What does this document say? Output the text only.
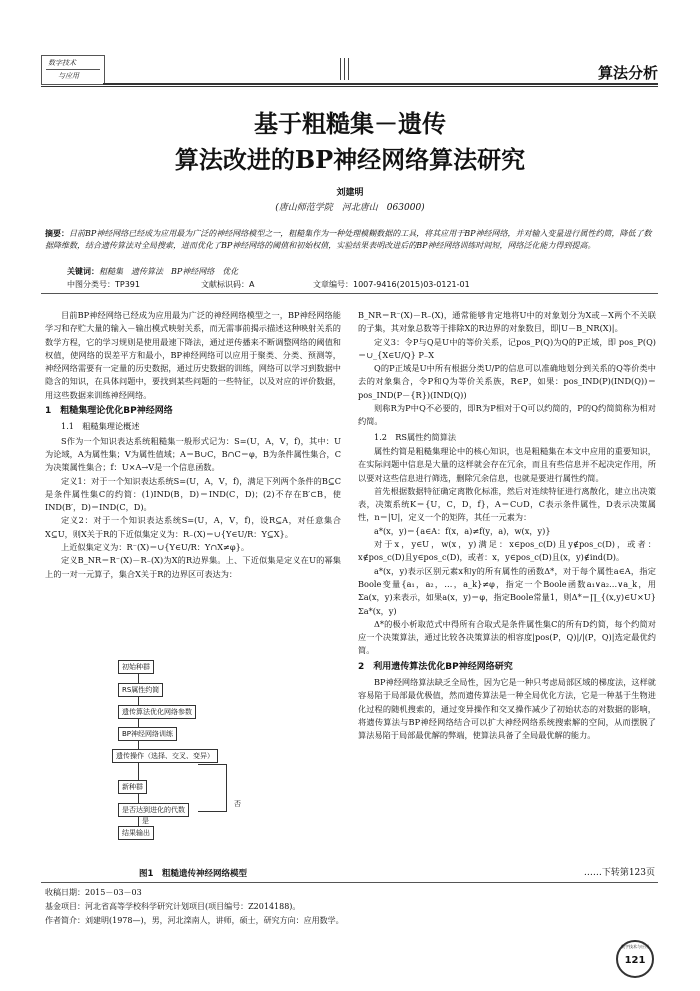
数字技术
与应用	算法分析
基于粗糙集－遗传
算法改进的BP神经网络算法研究
刘建明
(唐山师范学院　河北唐山　063000)
摘要：目前BP神经网络已经成为应用最为广泛的神经网络模型之一，粗糙集作为一种处理模糊数据的工具，将其应用于BP神经网络，并对输入变量进行属性约简，降低了数据降维数，结合遗传算法对全局搜索，进而优化了BP神经网络的阈值和初始权值，实验结果表明改进后的BP神经网络训练时间短，网络泛化能力得到提高。
关键词：粗糙集　遗传算法　BP神经网络　优化
中图分类号：TP391	文献标识码：A	文章编号：1007-9416(2015)03-0121-01

目前BP神经网络已经成为应用最为广泛的神经网络模型之一，BP神经网络能学习和存贮大量的输入－输出模式映射关系，而无需事前揭示描述这种映射关系的数学方程，它的学习规则是使用最速下降法，通过逆传播来不断调整网络的阈值和权值，使网络的误差平方和最小，BP神经网络可以应用于聚类、分类、预测等，神经网络需要有一定量的历史数据，通过历史数据的训练，网络可以学习到数据中隐含的知识，在具体问题中，要找到某些问题的一些特征，以及对应的评价数据，用这些数据来训练神经网络。

1　粗糙集理论优化BP神经网络

1.1　粗糙集理论概述

S作为一个知识表达系统粗糙集一般形式记为：S=(U，A，V，f)，其中：U为论域，A为属性集；V为属性值域；A＝B∪C，B∩C＝φ，B为条件属性集合，C为决策属性集合；f：U×A→V是一个信息函数。

定义1：对于一个知识表达系统S=(U，A，V，f)，满足下列两个条件的B⊆C是条件属性集C的约简：(1)IND(B，D)＝IND(C，D)；(2)不存在B′⊂B，使IND(B′，D)＝IND(C，D)。

定义2：对于一个知识表达系统S=(U，A，V，f)，设R⊆A，对任意集合X⊆U，则X关于R的下近似集定义为：R₋(X)＝∪{Y∈U/R：Y⊆X}。

上近似集定义为：R⁻(X)＝∪{Y∈U/R：Y∩X≠φ}。

定义B_NR＝R⁻(X)－R₋(X)为X的R边界集。上、下近似集是定义在U的幂集上的一对一元算子，集合X关于R的边界区可表达为：

初始种群
RS属性约简
遗传算法优化网络参数
BP神经网络训练
遗传操作（选择、交叉、变异）
新种群
是否达到进化的代数
结果输出
否
是
图1　粗糙遗传神经网络模型

B_NR＝R⁻(X)－R₋(X)，通常能够肯定地将U中的对象划分为X或－X两个不关联的子集，其对象总数等于排除X的R边界的对象数目，即|U－B_NR(X)|。

定义3：令P与Q是U中的等价关系，记pos_P(Q)为Q的P正域，即 pos_P(Q)＝∪_{X∈U/Q} P₋X

Q的P正域是U中所有根据分类U/P的信息可以准确地划分到关系的Q等价类中去的对象集合，令P和Q为等价关系族，R∈P，如果：pos_IND(P)(IND(Q))＝pos_IND(P－{R})(IND(Q))

则称R为P中Q不必要的，即R为P相对于Q可以约简的，P的Q约简简称为相对约简。

1.2　RS属性约简算法

属性约简是粗糙集理论中的核心知识，也是粗糙集在本文中应用的重要知识，在实际问题中信息是大量的这样就会存在冗余，而且有些信息并不起决定作用，所以要对这些信息进行筛选，删除冗余信息，也就是要进行属性约简。

首先根据数据特征确定离散化标准，然后对连续特征进行离散化，建立出决策表，决策系统K＝{U，C，D，f}，A＝C∪D，C表示条件属性，D表示决策属性，n＝|U|，定义一个的矩阵，其任一元素为：

a*(x，y)＝{a∈A：f(x，a)≠f(y，a)，w(x，y)}

对于x，y∈U，w(x，y)满足：x∈pos_c(D)且y∉pos_c(D)，或者：x∉pos_c(D)且y∈pos_c(D)，或者：x，y∈pos_c(D)且(x，y)∉ind(D)。

a*(x，y)表示区别元素x和y的所有属性的函数Δ*，对于每个属性a∈A，指定Boole变量{a₁，a₂，…，a_k}≠φ，指定一个Boole函数a₁∨a₂…∨a_k，用Σa(x，y)来表示，如果a(x，y)＝φ，指定Boole常量1，则Δ*＝∏_{(x,y)∈U×U} Σa*(x，y)

Δ*的极小析取范式中得所有合取式是条件属性集C的所有D约简，每个约简对应一个决策算法，通过比较各决策算法的相容度|pos(P，Q)|/|(P，Q)|选定最优约简。

2　利用遗传算法优化BP神经网络研究

BP神经网络算法缺乏全局性，因为它是一种只考虑局部区域的梯度法，这样就容易陷于局部最优极值，然而遗传算法是一种全局优化方法，它是一种基于生物进化过程的随机搜索的，通过变异操作和交叉操作减少了初始状态的对数据的影响，将遗传算法与BP神经网络结合可以扩大神经网络系统搜索解的空间，从而摆脱了算法易陷于局部最优解的弊端，使算法具备了全局最优解的能力。

……下转第123页
收稿日期：2015－03－03
基金项目：河北省高等学校科学研究计划项目(项目编号：Z2014188)。
作者简介：刘建明(1978—)，男，河北滦南人，讲师，硕士，研究方向：应用数学。
数字技术与应用
121
